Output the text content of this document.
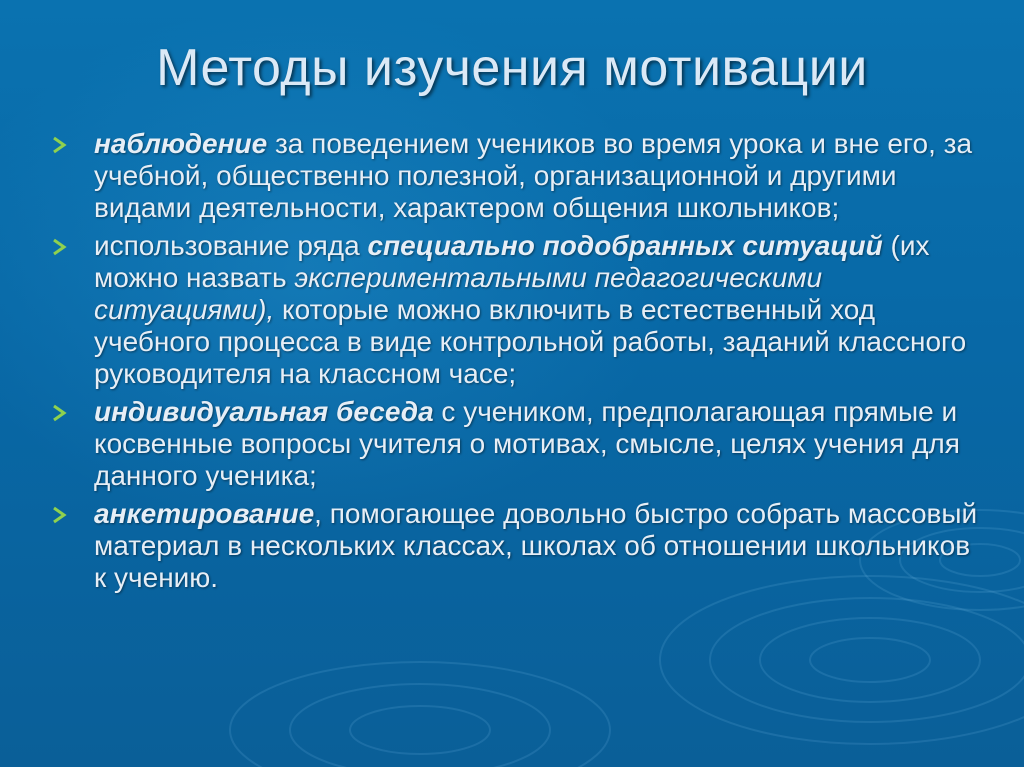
Методы изучения мотивации
наблюдение за поведением учеников во время урока и вне его, за учебной, общественно полезной, организационной и другими видами деятельности, характером общения школьников;
использование ряда специально подобранных ситуаций (их можно назвать экспериментальными педагогическими ситуациями), которые можно включить в естественный ход учебного процесса в виде контрольной работы, заданий классного руководителя на классном часе;
индивидуальная беседа с учеником, предполагающая прямые и косвенные вопросы учителя о мотивах, смысле, целях учения для данного ученика;
анкетирование, помогающее довольно быстро собрать массовый материал в нескольких классах, школах об отношении школьников к учению.
